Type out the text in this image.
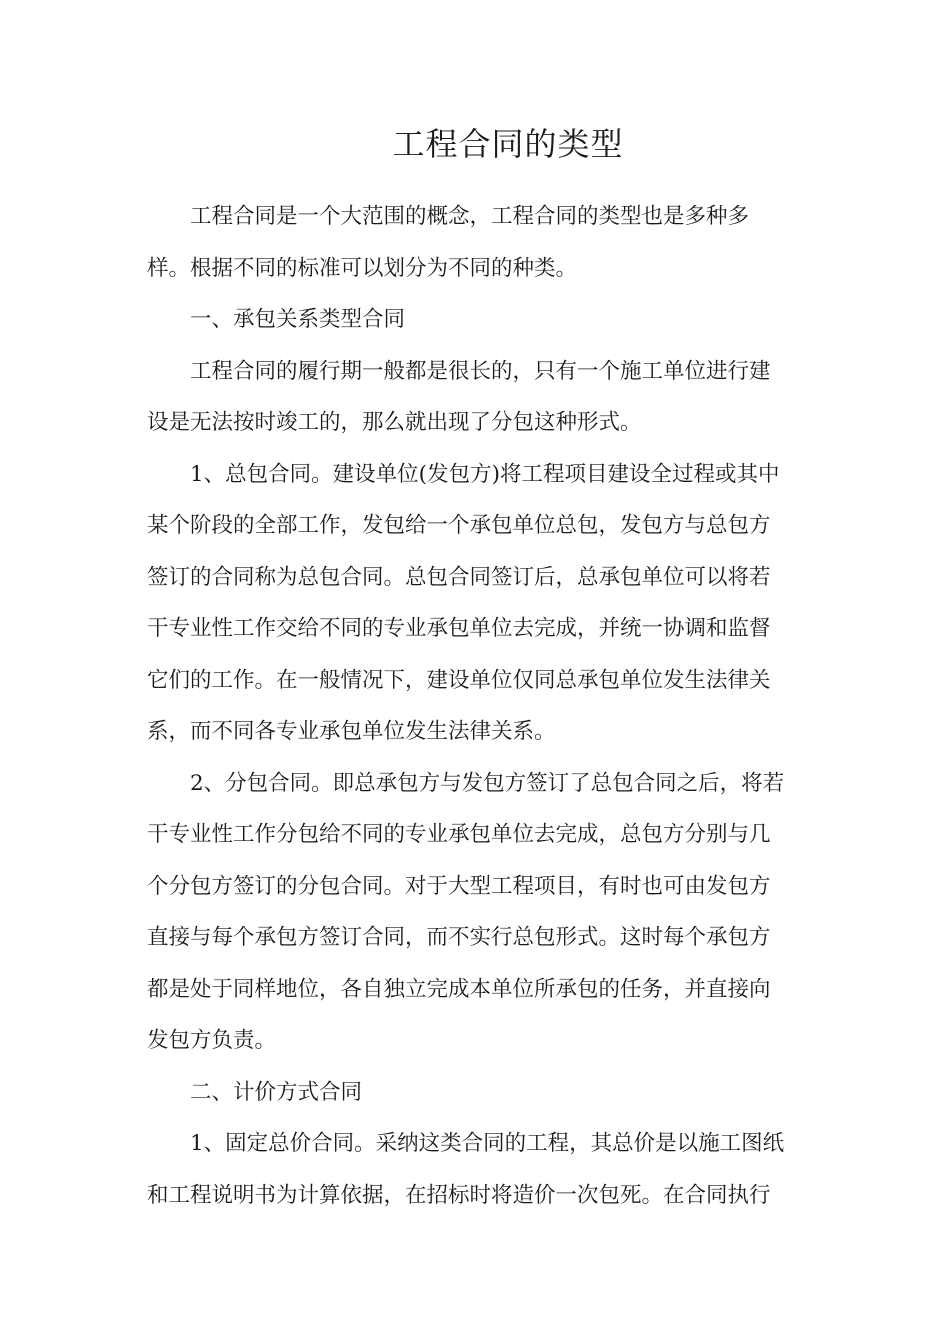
工程合同的类型
工程合同是一个大范围的概念，工程合同的类型也是多种多
样。根据不同的标准可以划分为不同的种类。
一、承包关系类型合同
工程合同的履行期一般都是很长的，只有一个施工单位进行建
设是无法按时竣工的，那么就出现了分包这种形式。
1、总包合同。建设单位(发包方)将工程项目建设全过程或其中
某个阶段的全部工作，发包给一个承包单位总包，发包方与总包方
签订的合同称为总包合同。总包合同签订后，总承包单位可以将若
干专业性工作交给不同的专业承包单位去完成，并统一协调和监督
它们的工作。在一般情况下，建设单位仅同总承包单位发生法律关
系，而不同各专业承包单位发生法律关系。
2、分包合同。即总承包方与发包方签订了总包合同之后，将若
干专业性工作分包给不同的专业承包单位去完成，总包方分别与几
个分包方签订的分包合同。对于大型工程项目，有时也可由发包方
直接与每个承包方签订合同，而不实行总包形式。这时每个承包方
都是处于同样地位，各自独立完成本单位所承包的任务，并直接向
发包方负责。
二、计价方式合同
1、固定总价合同。采纳这类合同的工程，其总价是以施工图纸
和工程说明书为计算依据，在招标时将造价一次包死。在合同执行
